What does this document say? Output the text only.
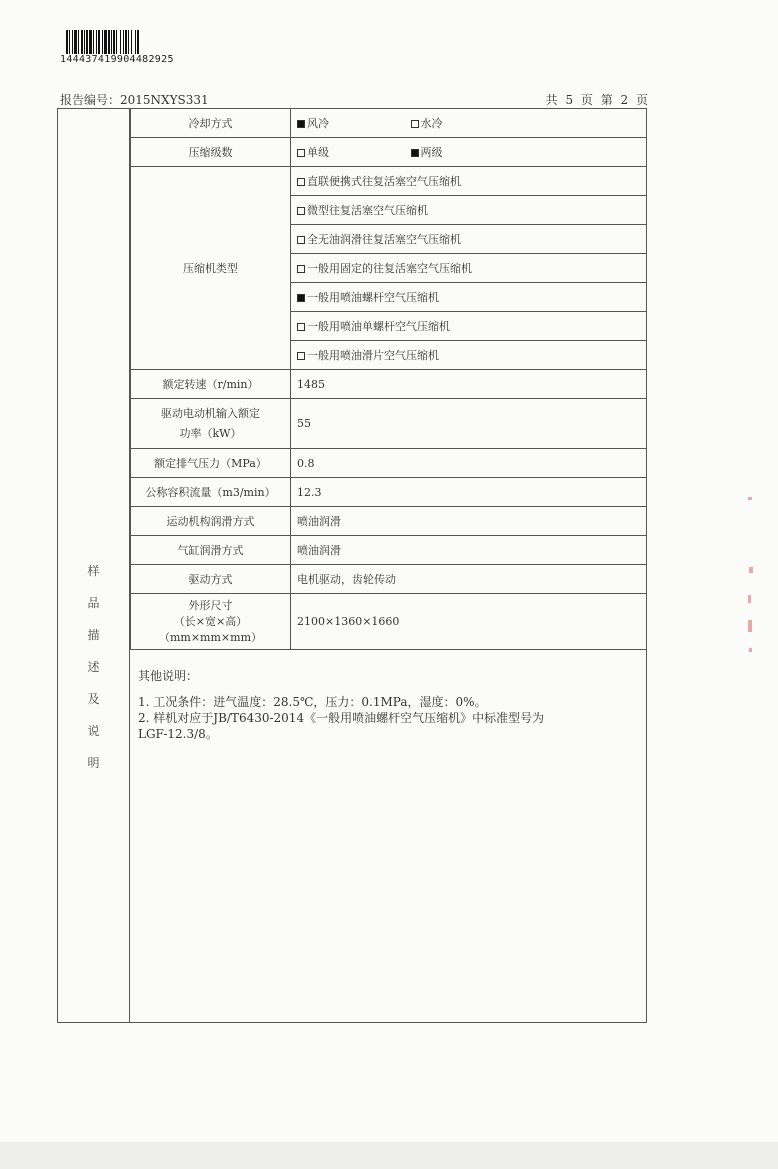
144437419904482925
报告编号：2015NXYS331	共 5 页 第 2 页
样
品
描
述
及
说
明
冷却方式	风冷 水冷
压缩级数	单级 两级
压缩机类型	直联便携式往复活塞空气压缩机
	微型往复活塞空气压缩机
	全无油润滑往复活塞空气压缩机
	一般用固定的往复活塞空气压缩机
	一般用喷油螺杆空气压缩机
	一般用喷油单螺杆空气压缩机
	一般用喷油滑片空气压缩机
额定转速（r/min）	1485

驱动电动机输入额定
功率（kW）	55
额定排气压力（MPa）	0.8
公称容积流量（m3/min）	12.3
运动机构润滑方式	喷油润滑
气缸润滑方式	喷油润滑
驱动方式	电机驱动，齿轮传动

外形尺寸
（长×宽×高）
（mm×mm×mm）	2100×1360×1660
其他说明：

1. 工况条件：进气温度：28.5℃，压力：0.1MPa，湿度：0%。

2. 样机对应于JB/T6430-2014《一般用喷油螺杆空气压缩机》中标准型号为

LGF-12.3/8。
